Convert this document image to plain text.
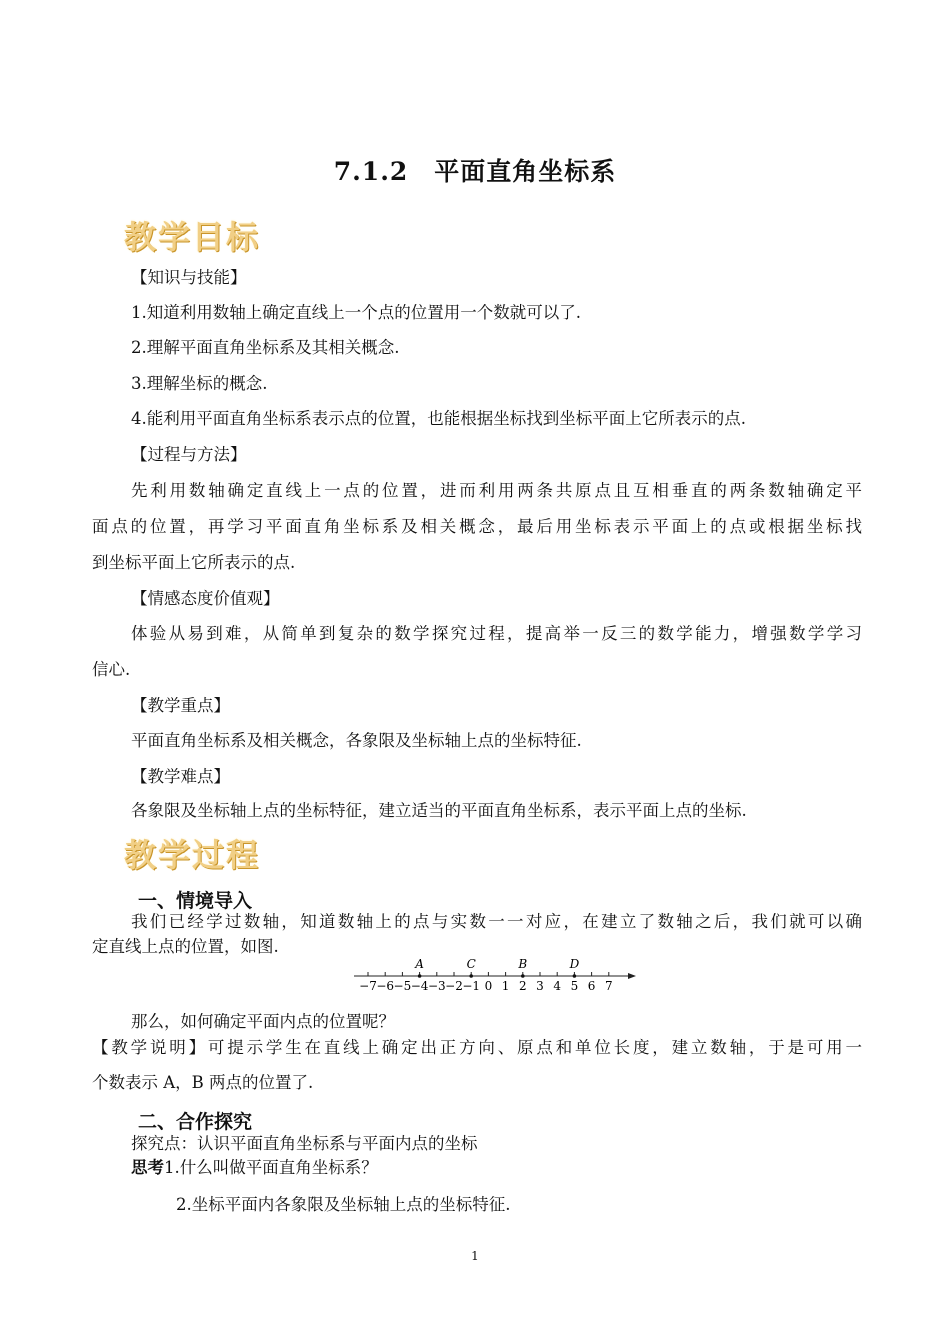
7.1.2　平面直角坐标系
教学目标
【知识与技能】
1.知道利用数轴上确定直线上一个点的位置用一个数就可以了.
2.理解平面直角坐标系及其相关概念.
3.理解坐标的概念.
4.能利用平面直角坐标系表示点的位置，也能根据坐标找到坐标平面上它所表示的点.
【过程与方法】
先利用数轴确定直线上一点的位置，进而利用两条共原点且互相垂直的两条数轴确定平
面点的位置，再学习平面直角坐标系及相关概念，最后用坐标表示平面上的点或根据坐标找
到坐标平面上它所表示的点.
【情感态度价值观】
体验从易到难，从简单到复杂的数学探究过程，提高举一反三的数学能力，增强数学学习
信心.
【教学重点】
平面直角坐标系及相关概念，各象限及坐标轴上点的坐标特征.
【教学难点】
各象限及坐标轴上点的坐标特征，建立适当的平面直角坐标系，表示平面上点的坐标.
教学过程
一、情境导入
我们已经学过数轴，知道数轴上的点与实数一一对应，在建立了数轴之后，我们就可以确
定直线上点的位置，如图.
−7 −6 −5 −4 −3 −2 −1 0 1 2 3 4 5 6 7
A	C	B	D
那么，如何确定平面内点的位置呢？
【教学说明】可提示学生在直线上确定出正方向、原点和单位长度，建立数轴，于是可用一
个数表示 A，B 两点的位置了.
二、合作探究
探究点：认识平面直角坐标系与平面内点的坐标
思考1.什么叫做平面直角坐标系？
2.坐标平面内各象限及坐标轴上点的坐标特征.
1
